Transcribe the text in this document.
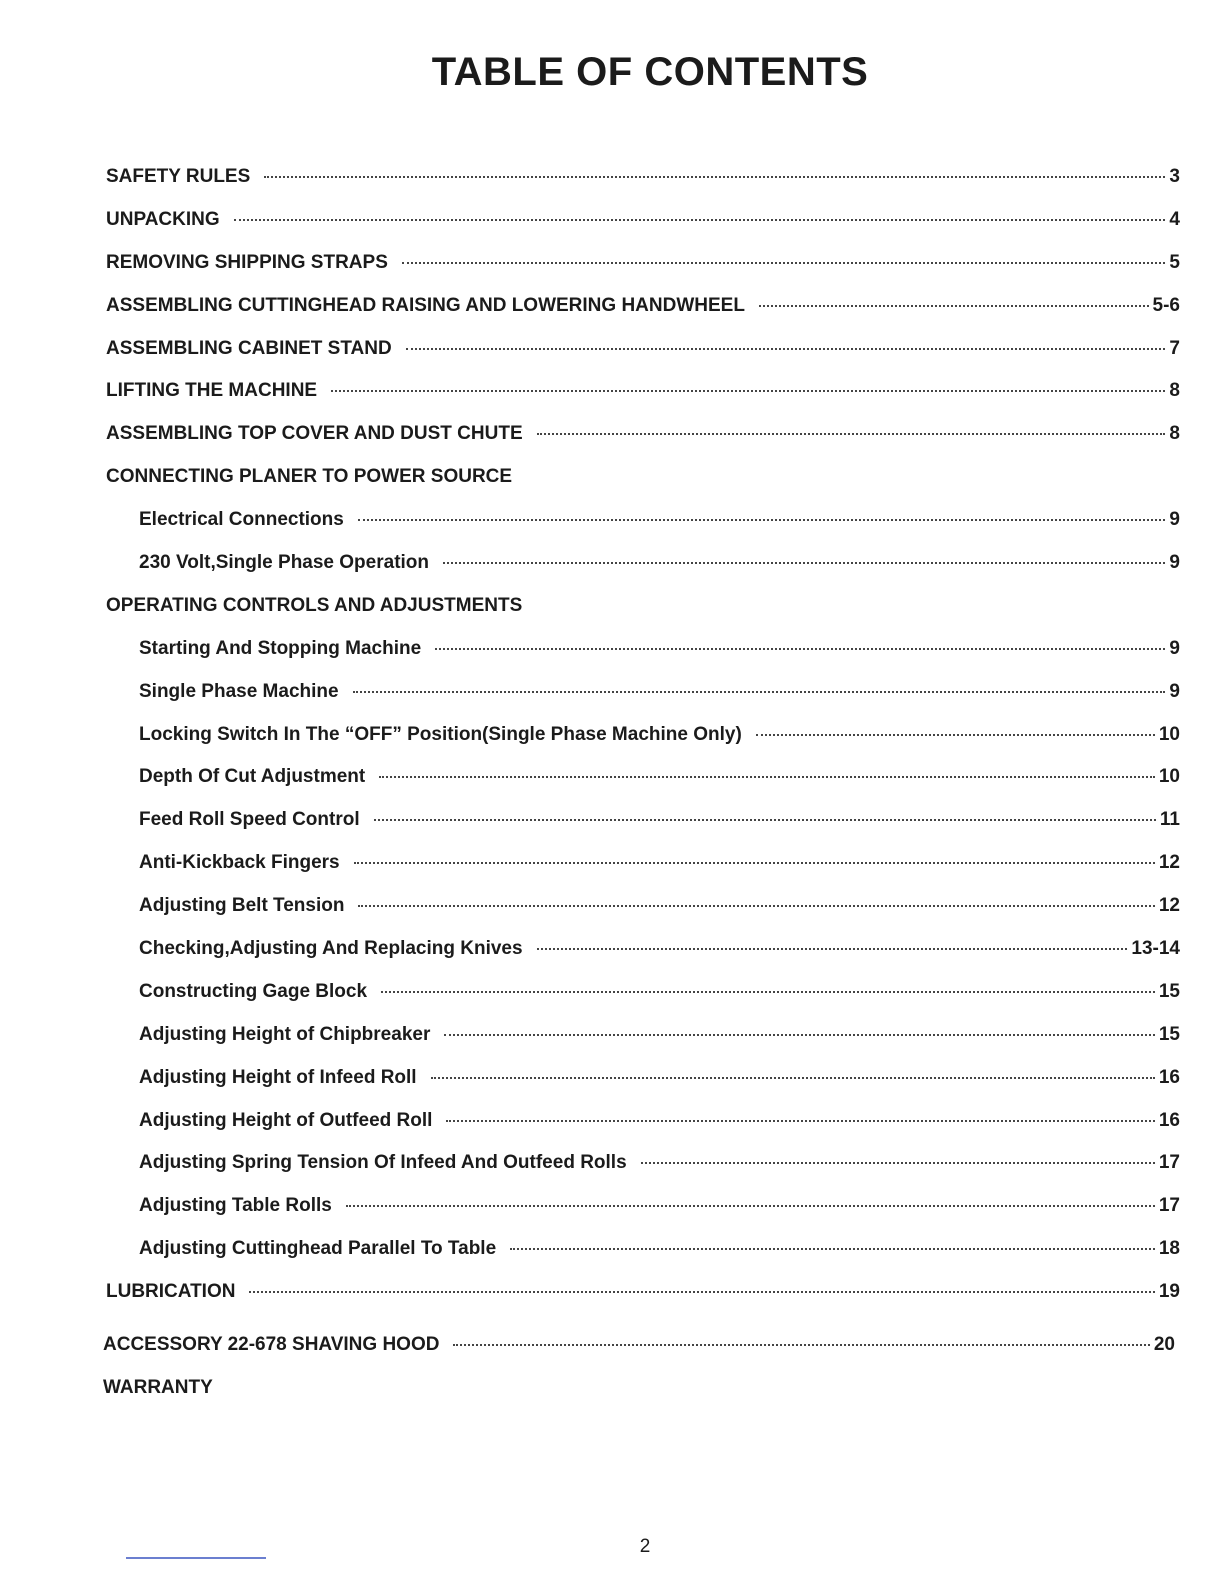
TABLE OF CONTENTS
SAFETY RULES	3
UNPACKING	4
REMOVING SHIPPING STRAPS	5
ASSEMBLING CUTTINGHEAD RAISING AND LOWERING HANDWHEEL	5-6
ASSEMBLING CABINET STAND	7
LIFTING THE MACHINE	8
ASSEMBLING TOP COVER AND DUST CHUTE	8
CONNECTING PLANER TO POWER SOURCE
Electrical Connections	9
230 Volt,Single Phase Operation	9
OPERATING CONTROLS AND ADJUSTMENTS
Starting And Stopping Machine	9
Single Phase Machine	9
Locking Switch In The “OFF” Position(Single Phase Machine Only)	10
Depth Of Cut Adjustment	10
Feed Roll Speed Control	11
Anti-Kickback Fingers	12
Adjusting Belt Tension	12
Checking,Adjusting And Replacing Knives	13-14
Constructing Gage Block	15
Adjusting Height of Chipbreaker	15
Adjusting Height of Infeed Roll	16
Adjusting Height of Outfeed Roll	16
Adjusting Spring Tension Of Infeed And Outfeed Rolls	17
Adjusting Table Rolls	17
Adjusting Cuttinghead Parallel To Table	18
LUBRICATION	19
ACCESSORY 22-678 SHAVING HOOD	20
WARRANTY
2
